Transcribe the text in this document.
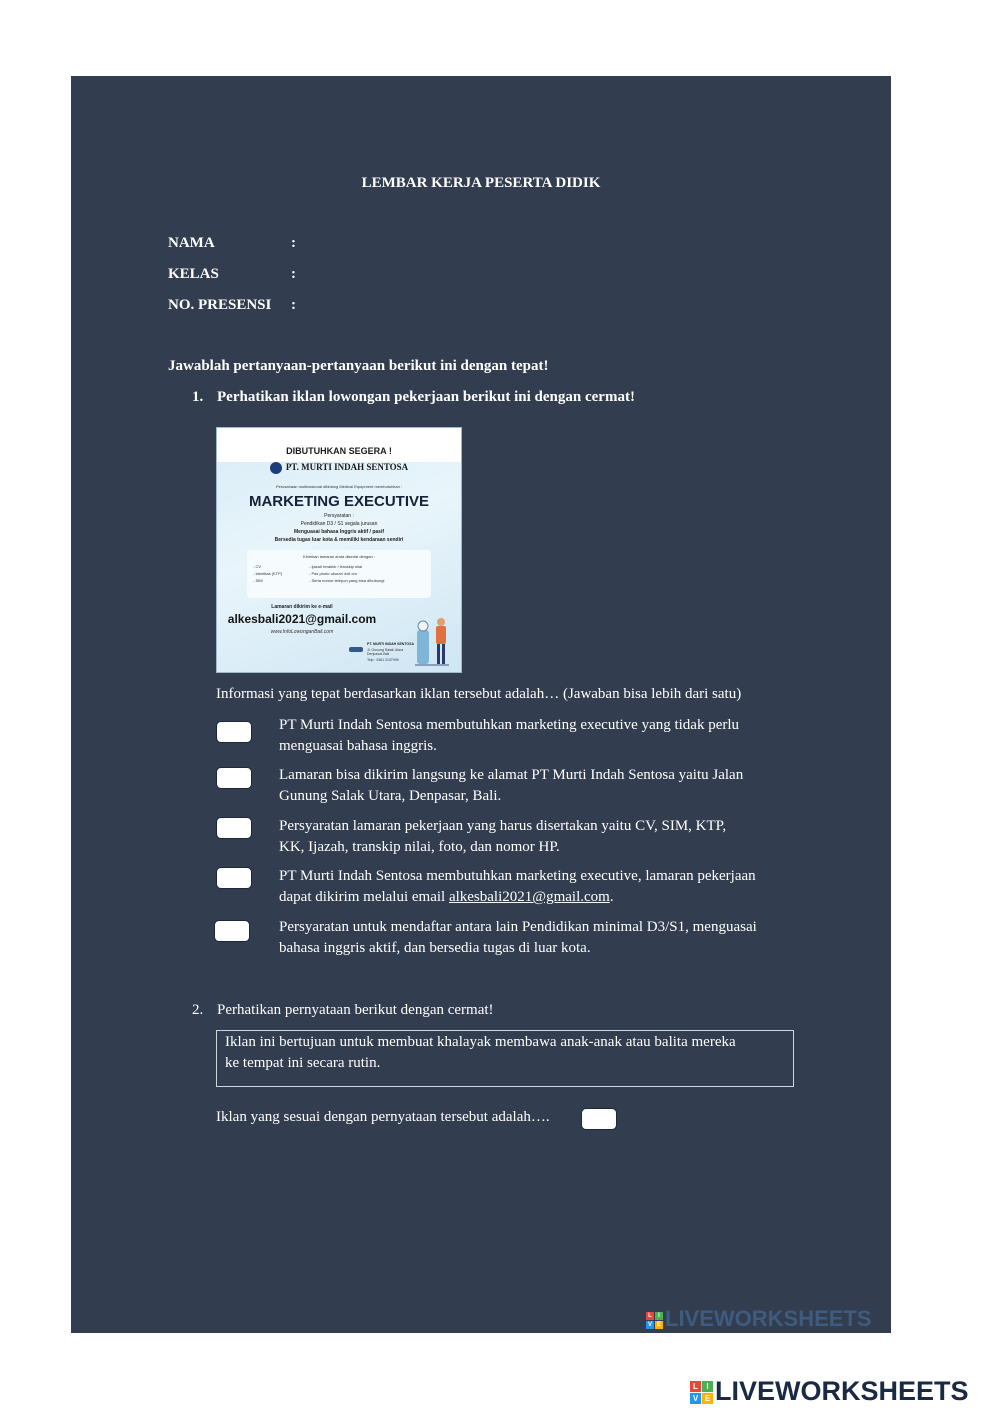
LEMBAR KERJA PESERTA DIDIK
NAMA	:
KELAS	:
NO. PRESENSI :
Jawablah pertanyaan-pertanyaan berikut ini dengan tepat!
1. Perhatikan iklan lowongan pekerjaan berikut ini dengan cermat!
DIBUTUHKAN SEGERA !
PT. MURTI INDAH SENTOSA
Perusahaan multinasional dibidang Medical Equipment membutuhkan :
MARKETING EXECUTIVE
Persyaratan :
Pendidikan D3 / S1 segala jurusan
Menguasai bahasa Inggris aktif / pasif
Bersedia tugas luar kota & memiliki kendaraan sendiri
Kirimkan lamaran anda disertai dengan :
- CV
- Identitas (KTP)
- SIM
- Ijazah terakhir / transkip nilai
- Pas photo ukuran 4x6 cm
- Serta nomor telepon yang bisa dihubungi
Lamaran dikirim ke e-mail
alkesbali2021@gmail.com
www.InfoLowonganBali.com
PT. MURTI INDAH SENTOSA
Jl. Gunung Salak Utara Denpasar-Bali
Telp : 0361 2137999
Informasi yang tepat berdasarkan iklan tersebut adalah… (Jawaban bisa lebih dari satu)
PT Murti Indah Sentosa membutuhkan marketing executive yang tidak perlu
menguasai bahasa inggris.
Lamaran bisa dikirim langsung ke alamat PT Murti Indah Sentosa yaitu Jalan
Gunung Salak Utara, Denpasar, Bali.
Persyaratan lamaran pekerjaan yang harus disertakan yaitu CV, SIM, KTP,
KK, Ijazah, transkip nilai, foto, dan nomor HP.
PT Murti Indah Sentosa membutuhkan marketing executive, lamaran pekerjaan
dapat dikirim melalui email alkesbali2021@gmail.com.
Persyaratan untuk mendaftar antara lain Pendidikan minimal D3/S1, menguasai
bahasa inggris aktif, dan bersedia tugas di luar kota.
2. Perhatikan pernyataan berikut dengan cermat!
Iklan ini bertujuan untuk membuat khalayak membawa anak-anak atau balita mereka
ke tempat ini secara rutin.
Iklan yang sesuai dengan pernyataan tersebut adalah….
L	I
V E LIVEWORKSHEETS
L	I
V E LIVEWORKSHEETS
